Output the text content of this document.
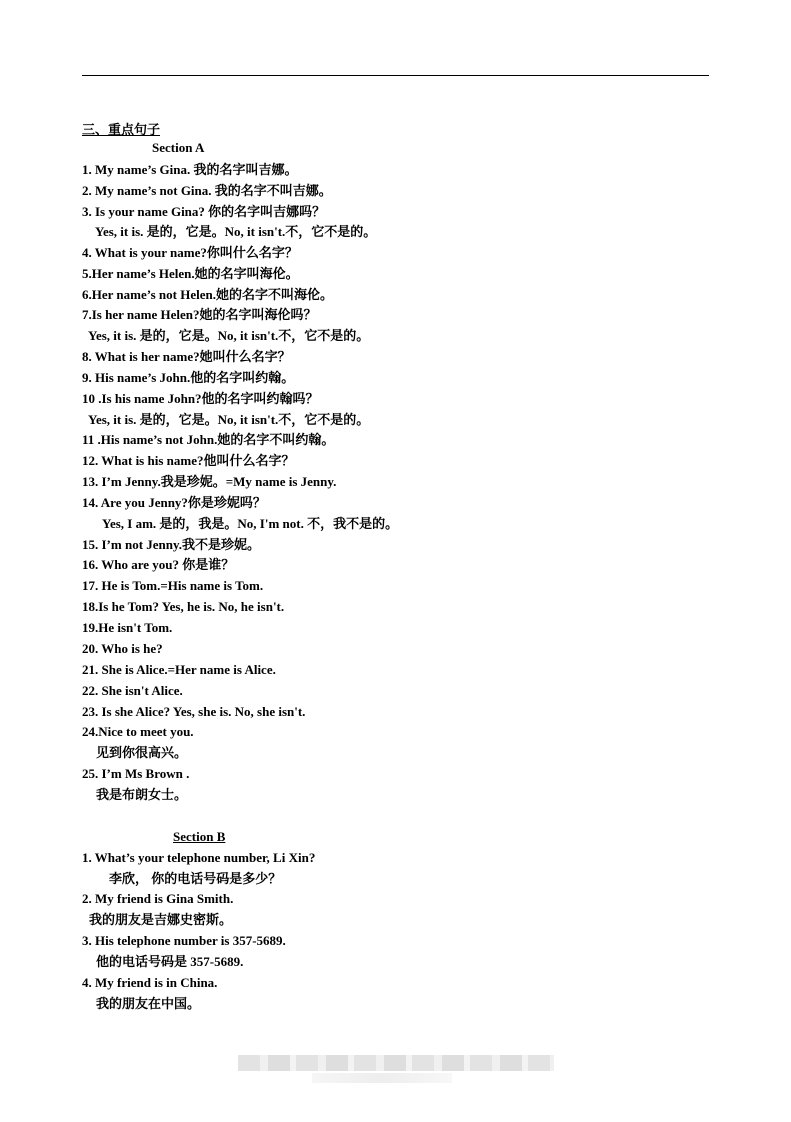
三、重点句子
Section A
1. My name’s Gina. 我的名字叫吉娜。
2. My name’s not Gina. 我的名字不叫吉娜。
3. Is your name Gina? 你的名字叫吉娜吗？
Yes, it is. 是的，它是。No, it isn't.不，它不是的。
4. What is your name?你叫什么名字？
5.Her name’s Helen.她的名字叫海伦。
6.Her name’s not Helen.她的名字不叫海伦。
7.Is her name Helen?她的名字叫海伦吗？
Yes, it is. 是的，它是。No, it isn't.不，它不是的。
8. What is her name?她叫什么名字？
9. His name’s John.他的名字叫约翰。
10 .Is his name John?他的名字叫约翰吗？
Yes, it is. 是的，它是。No, it isn't.不，它不是的。
11 .His name’s not John.她的名字不叫约翰。
12. What is his name?他叫什么名字？
13. I’m Jenny.我是珍妮。=My name is Jenny.
14. Are you Jenny?你是珍妮吗？
Yes, I am. 是的，我是。No, I'm not. 不，我不是的。
15. I’m not Jenny.我不是珍妮。
16. Who are you? 你是谁？
17. He is Tom.=His name is Tom.
18.Is he Tom? Yes, he is. No, he isn't.
19.He isn't Tom.
20. Who is he?
21. She is Alice.=Her name is Alice.
22. She isn't Alice.
23. Is she Alice? Yes, she is. No, she isn't.
24.Nice to meet you.
见到你很高兴。
25. I’m Ms Brown .
我是布朗女士。
Section B
1. What’s your telephone number, Li Xin?
李欣， 你的电话号码是多少？
2. My friend is Gina Smith.
我的朋友是吉娜史密斯。
3. His telephone number is 357-5689.
他的电话号码是 357-5689.
4. My friend is in China.
我的朋友在中国。
